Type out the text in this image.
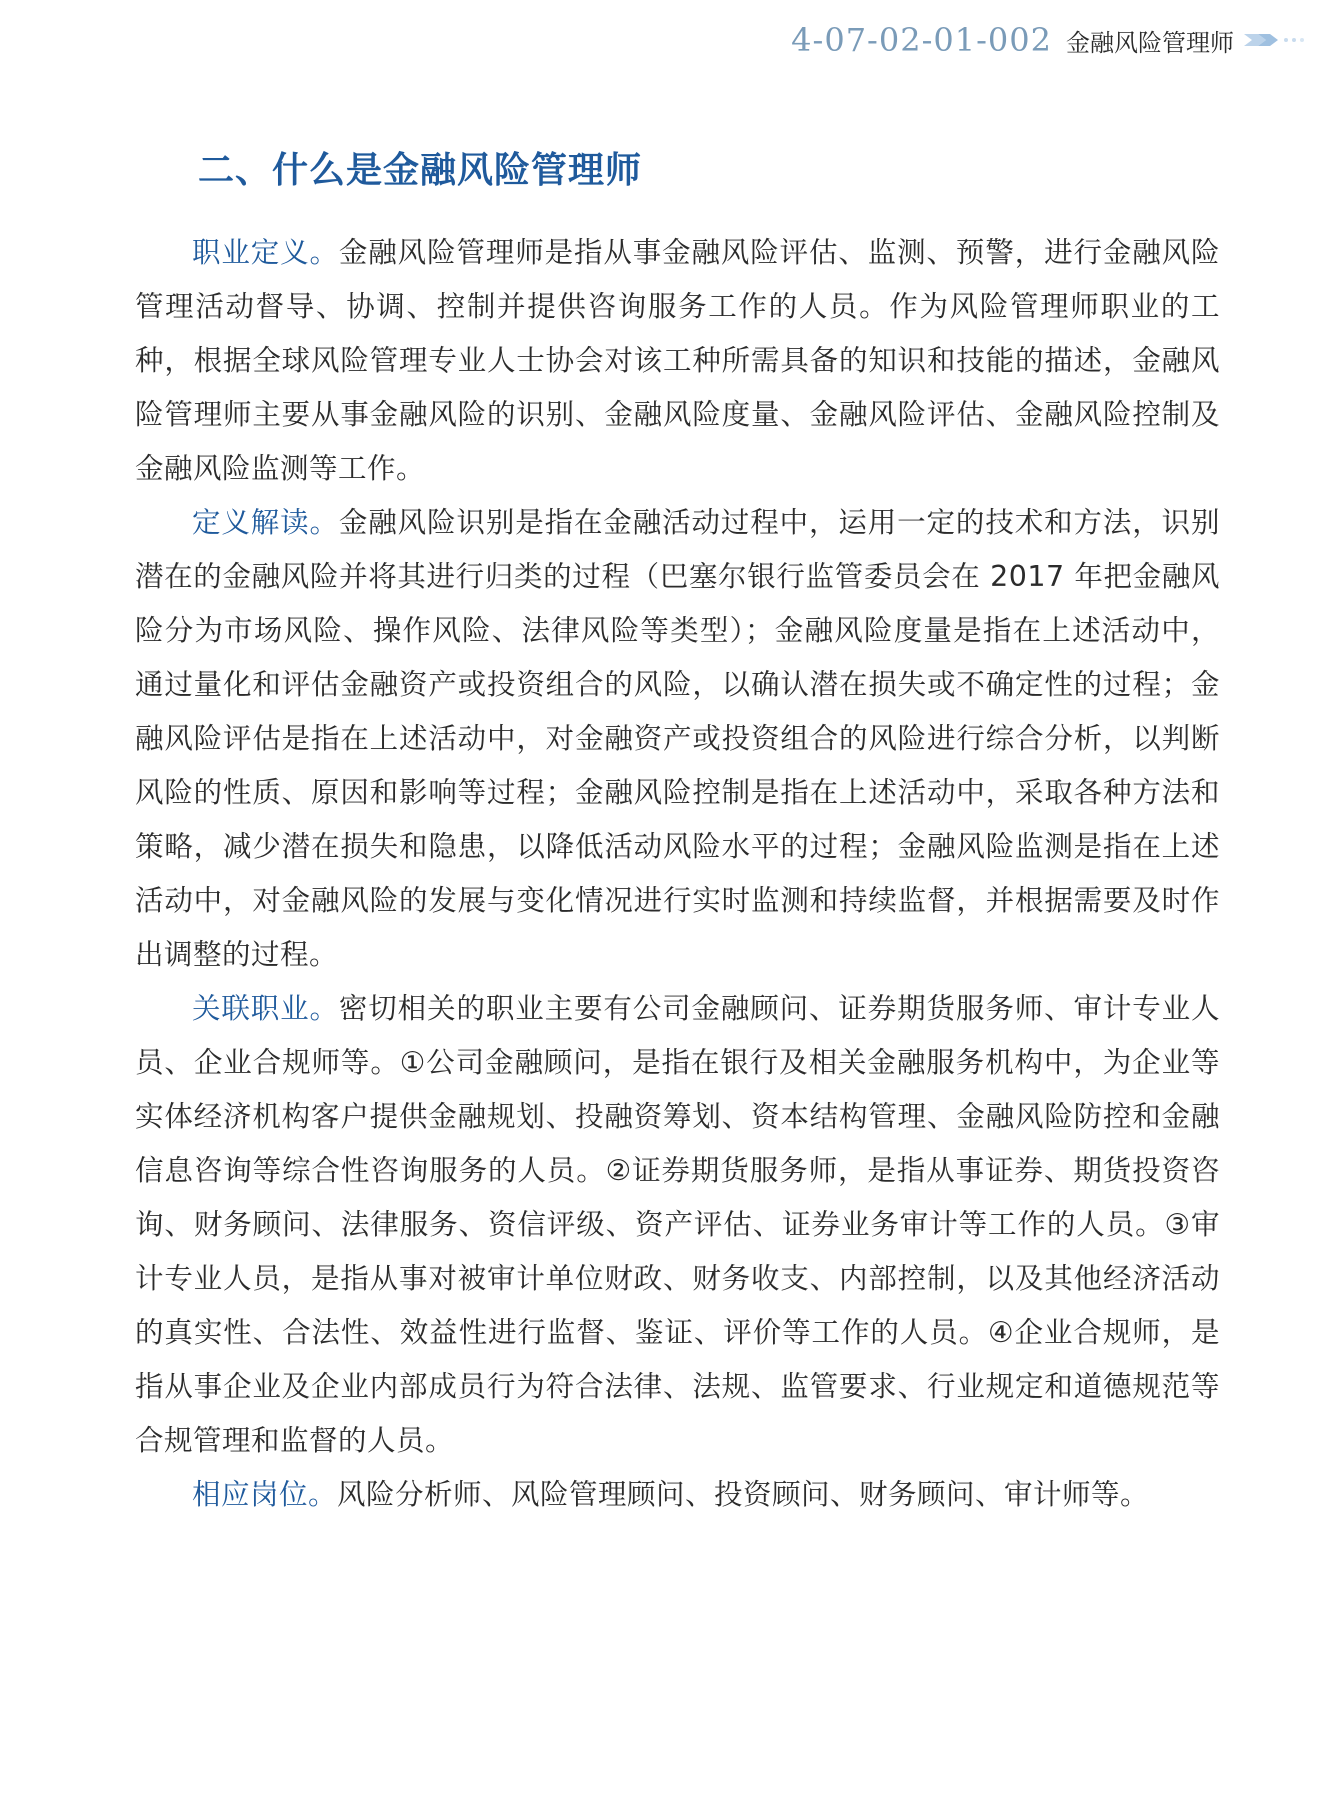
4-07-02-01-002 金融风险管理师
二、什么是金融风险管理师

职业定义。金融风险管理师是指从事金融风险评估、监测、预警，进行金融风险管理活动督导、协调、控制并提供咨询服务工作的人员。作为风险管理师职业的工种，根据全球风险管理专业人士协会对该工种所需具备的知识和技能的描述，金融风险管理师主要从事金融风险的识别、金融风险度量、金融风险评估、金融风险控制及金融风险监测等工作。

定义解读。金融风险识别是指在金融活动过程中，运用一定的技术和方法，识别潜在的金融风险并将其进行归类的过程（巴塞尔银行监管委员会在 2017 年把金融风险分为市场风险、操作风险、法律风险等类型）；金融风险度量是指在上述活动中，通过量化和评估金融资产或投资组合的风险，以确认潜在损失或不确定性的过程；金融风险评估是指在上述活动中，对金融资产或投资组合的风险进行综合分析，以判断风险的性质、原因和影响等过程；金融风险控制是指在上述活动中，采取各种方法和策略，减少潜在损失和隐患，以降低活动风险水平的过程；金融风险监测是指在上述活动中，对金融风险的发展与变化情况进行实时监测和持续监督，并根据需要及时作出调整的过程。

关联职业。密切相关的职业主要有公司金融顾问、证券期货服务师、审计专业人员、企业合规师等。①公司金融顾问，是指在银行及相关金融服务机构中，为企业等实体经济机构客户提供金融规划、投融资筹划、资本结构管理、金融风险防控和金融信息咨询等综合性咨询服务的人员。②证券期货服务师，是指从事证券、期货投资咨询、财务顾问、法律服务、资信评级、资产评估、证券业务审计等工作的人员。③审计专业人员，是指从事对被审计单位财政、财务收支、内部控制，以及其他经济活动的真实性、合法性、效益性进行监督、鉴证、评价等工作的人员。④企业合规师，是指从事企业及企业内部成员行为符合法律、法规、监管要求、行业规定和道德规范等合规管理和监督的人员。

相应岗位。风险分析师、风险管理顾问、投资顾问、财务顾问、审计师等。
